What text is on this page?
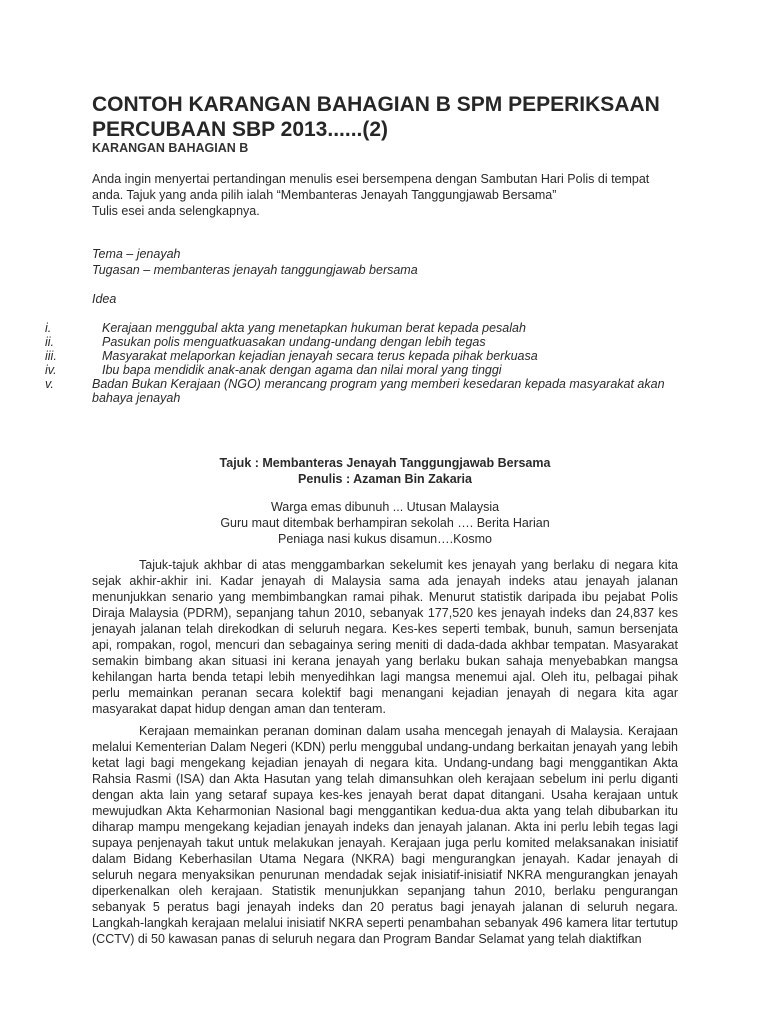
CONTOH KARANGAN BAHAGIAN B SPM PEPERIKSAAN PERCUBAAN SBP 2013......(2)
KARANGAN BAHAGIAN B
Anda ingin menyertai pertandingan menulis esei bersempena dengan Sambutan Hari Polis di tempat anda. Tajuk yang anda pilih ialah “Membanteras Jenayah Tanggungjawab Bersama”
Tulis esei anda selengkapnya.
Tema – jenayah
Tugasan – membanteras jenayah tanggungjawab bersama
Idea
i.	Kerajaan menggubal akta yang menetapkan hukuman berat kepada pesalah
ii.	Pasukan polis menguatkuasakan undang-undang dengan lebih tegas
iii.	Masyarakat melaporkan kejadian jenayah secara terus kepada pihak berkuasa
iv.	Ibu bapa mendidik anak-anak dengan agama dan nilai moral yang tinggi
v.	Badan Bukan Kerajaan (NGO) merancang program yang memberi kesedaran kepada masyarakat akan bahaya jenayah
Tajuk : Membanteras Jenayah Tanggungjawab Bersama
Penulis : Azaman Bin Zakaria
Warga emas dibunuh ... Utusan Malaysia
Guru maut ditembak berhampiran sekolah …. Berita Harian
Peniaga nasi kukus disamun….Kosmo

Tajuk-tajuk akhbar di atas menggambarkan sekelumit kes jenayah yang berlaku di negara kita sejak akhir-akhir ini. Kadar jenayah di Malaysia sama ada jenayah indeks atau jenayah jalanan menunjukkan senario yang membimbangkan ramai pihak. Menurut statistik daripada ibu pejabat Polis Diraja Malaysia (PDRM), sepanjang tahun 2010, sebanyak 177,520 kes jenayah indeks dan 24,837 kes jenayah jalanan telah direkodkan di seluruh negara. Kes-kes seperti tembak, bunuh, samun bersenjata api, rompakan, rogol, mencuri dan sebagainya sering meniti di dada-dada akhbar tempatan. Masyarakat semakin bimbang akan situasi ini kerana jenayah yang berlaku bukan sahaja menyebabkan mangsa kehilangan harta benda tetapi lebih menyedihkan lagi mangsa menemui ajal. Oleh itu, pelbagai pihak perlu memainkan peranan secara kolektif bagi menangani kejadian jenayah di negara kita agar masyarakat dapat hidup dengan aman dan tenteram.

Kerajaan memainkan peranan dominan dalam usaha mencegah jenayah di Malaysia. Kerajaan melalui Kementerian Dalam Negeri (KDN) perlu menggubal undang-undang berkaitan jenayah yang lebih ketat lagi bagi mengekang kejadian jenayah di negara kita. Undang-undang bagi menggantikan Akta Rahsia Rasmi (ISA) dan Akta Hasutan yang telah dimansuhkan oleh kerajaan sebelum ini perlu diganti dengan akta lain yang setaraf supaya kes-kes jenayah berat dapat ditangani. Usaha kerajaan untuk mewujudkan Akta Keharmonian Nasional bagi menggantikan kedua-dua akta yang telah dibubarkan itu diharap mampu mengekang kejadian jenayah indeks dan jenayah jalanan. Akta ini perlu lebih tegas lagi supaya penjenayah takut untuk melakukan jenayah. Kerajaan juga perlu komited melaksanakan inisiatif dalam Bidang Keberhasilan Utama Negara (NKRA) bagi mengurangkan jenayah. Kadar jenayah di seluruh negara menyaksikan penurunan mendadak sejak inisiatif-inisiatif NKRA mengurangkan jenayah diperkenalkan oleh kerajaan. Statistik menunjukkan sepanjang tahun 2010, berlaku pengurangan sebanyak 5 peratus bagi jenayah indeks dan 20 peratus bagi jenayah jalanan di seluruh negara. Langkah-langkah kerajaan melalui inisiatif NKRA seperti penambahan sebanyak 496 kamera litar tertutup (CCTV) di 50 kawasan panas di seluruh negara dan Program Bandar Selamat yang telah diaktifkan
